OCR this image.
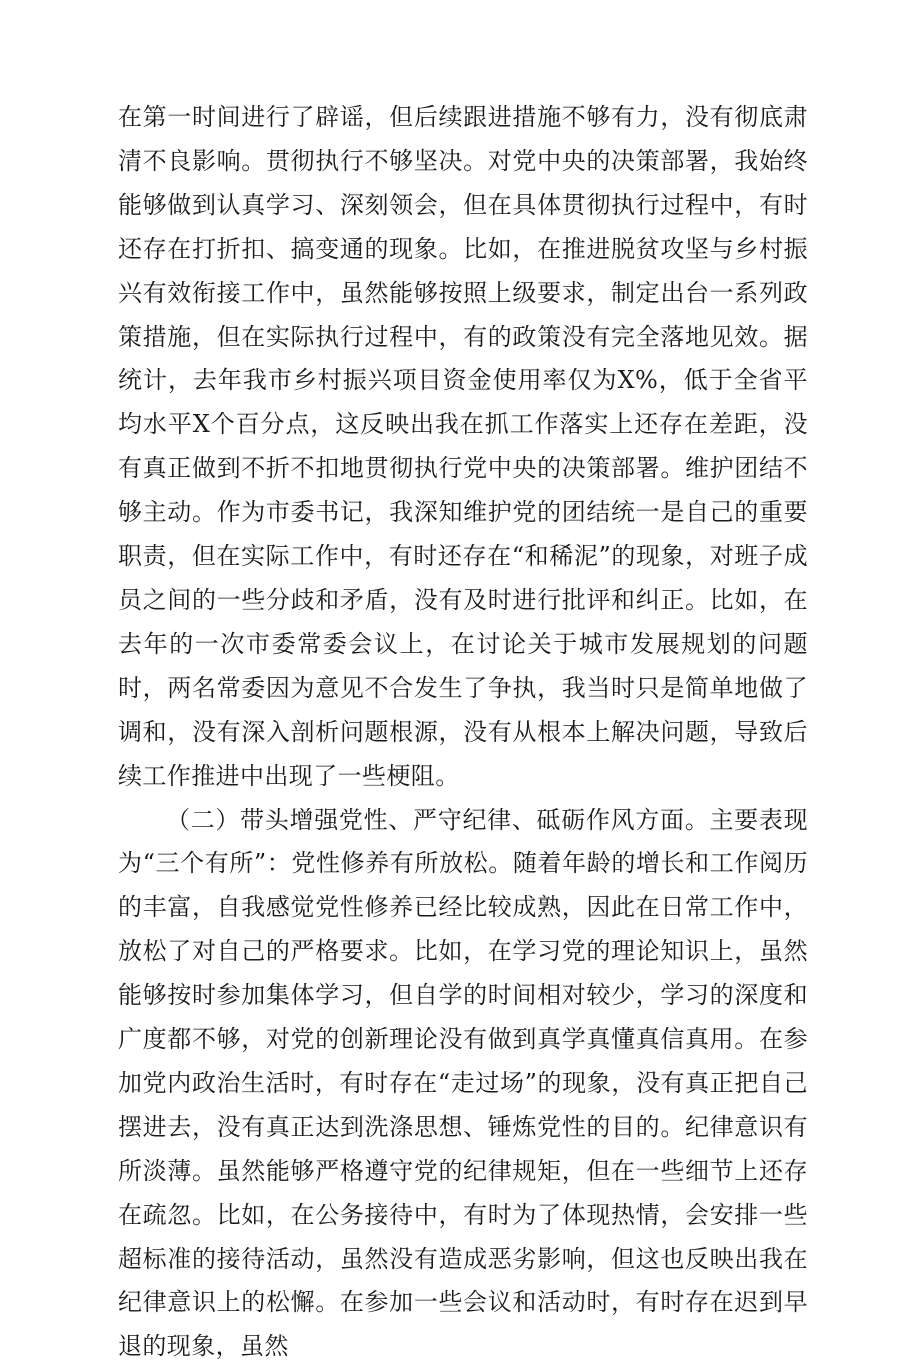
在第一时间进行了辟谣，但后续跟进措施不够有力，没有彻底肃清不良影响。贯彻执行不够坚决。对党中央的决策部署，我始终能够做到认真学习、深刻领会，但在具体贯彻执行过程中，有时还存在打折扣、搞变通的现象。比如，在推进脱贫攻坚与乡村振兴有效衔接工作中，虽然能够按照上级要求，制定出台一系列政策措施，但在实际执行过程中，有的政策没有完全落地见效。据统计，去年我市乡村振兴项目资金使用率仅为X%，低于全省平均水平X个百分点，这反映出我在抓工作落实上还存在差距，没有真正做到不折不扣地贯彻执行党中央的决策部署。维护团结不够主动。作为市委书记，我深知维护党的团结统一是自己的重要职责，但在实际工作中，有时还存在“和稀泥”的现象，对班子成员之间的一些分歧和矛盾，没有及时进行批评和纠正。比如，在去年的一次市委常委会议上，在讨论关于城市发展规划的问题时，两名常委因为意见不合发生了争执，我当时只是简单地做了调和，没有深入剖析问题根源，没有从根本上解决问题，导致后续工作推进中出现了一些梗阻。

（二）带头增强党性、严守纪律、砥砺作风方面。主要表现为“三个有所”：党性修养有所放松。随着年龄的增长和工作阅历的丰富，自我感觉党性修养已经比较成熟，因此在日常工作中，放松了对自己的严格要求。比如，在学习党的理论知识上，虽然能够按时参加集体学习，但自学的时间相对较少，学习的深度和广度都不够，对党的创新理论没有做到真学真懂真信真用。在参加党内政治生活时，有时存在“走过场”的现象，没有真正把自己摆进去，没有真正达到洗涤思想、锤炼党性的目的。纪律意识有所淡薄。虽然能够严格遵守党的纪律规矩，但在一些细节上还存在疏忽。比如，在公务接待中，有时为了体现热情，会安排一些超标准的接待活动，虽然没有造成恶劣影响，但这也反映出我在纪律意识上的松懈。在参加一些会议和活动时，有时存在迟到早退的现象，虽然
